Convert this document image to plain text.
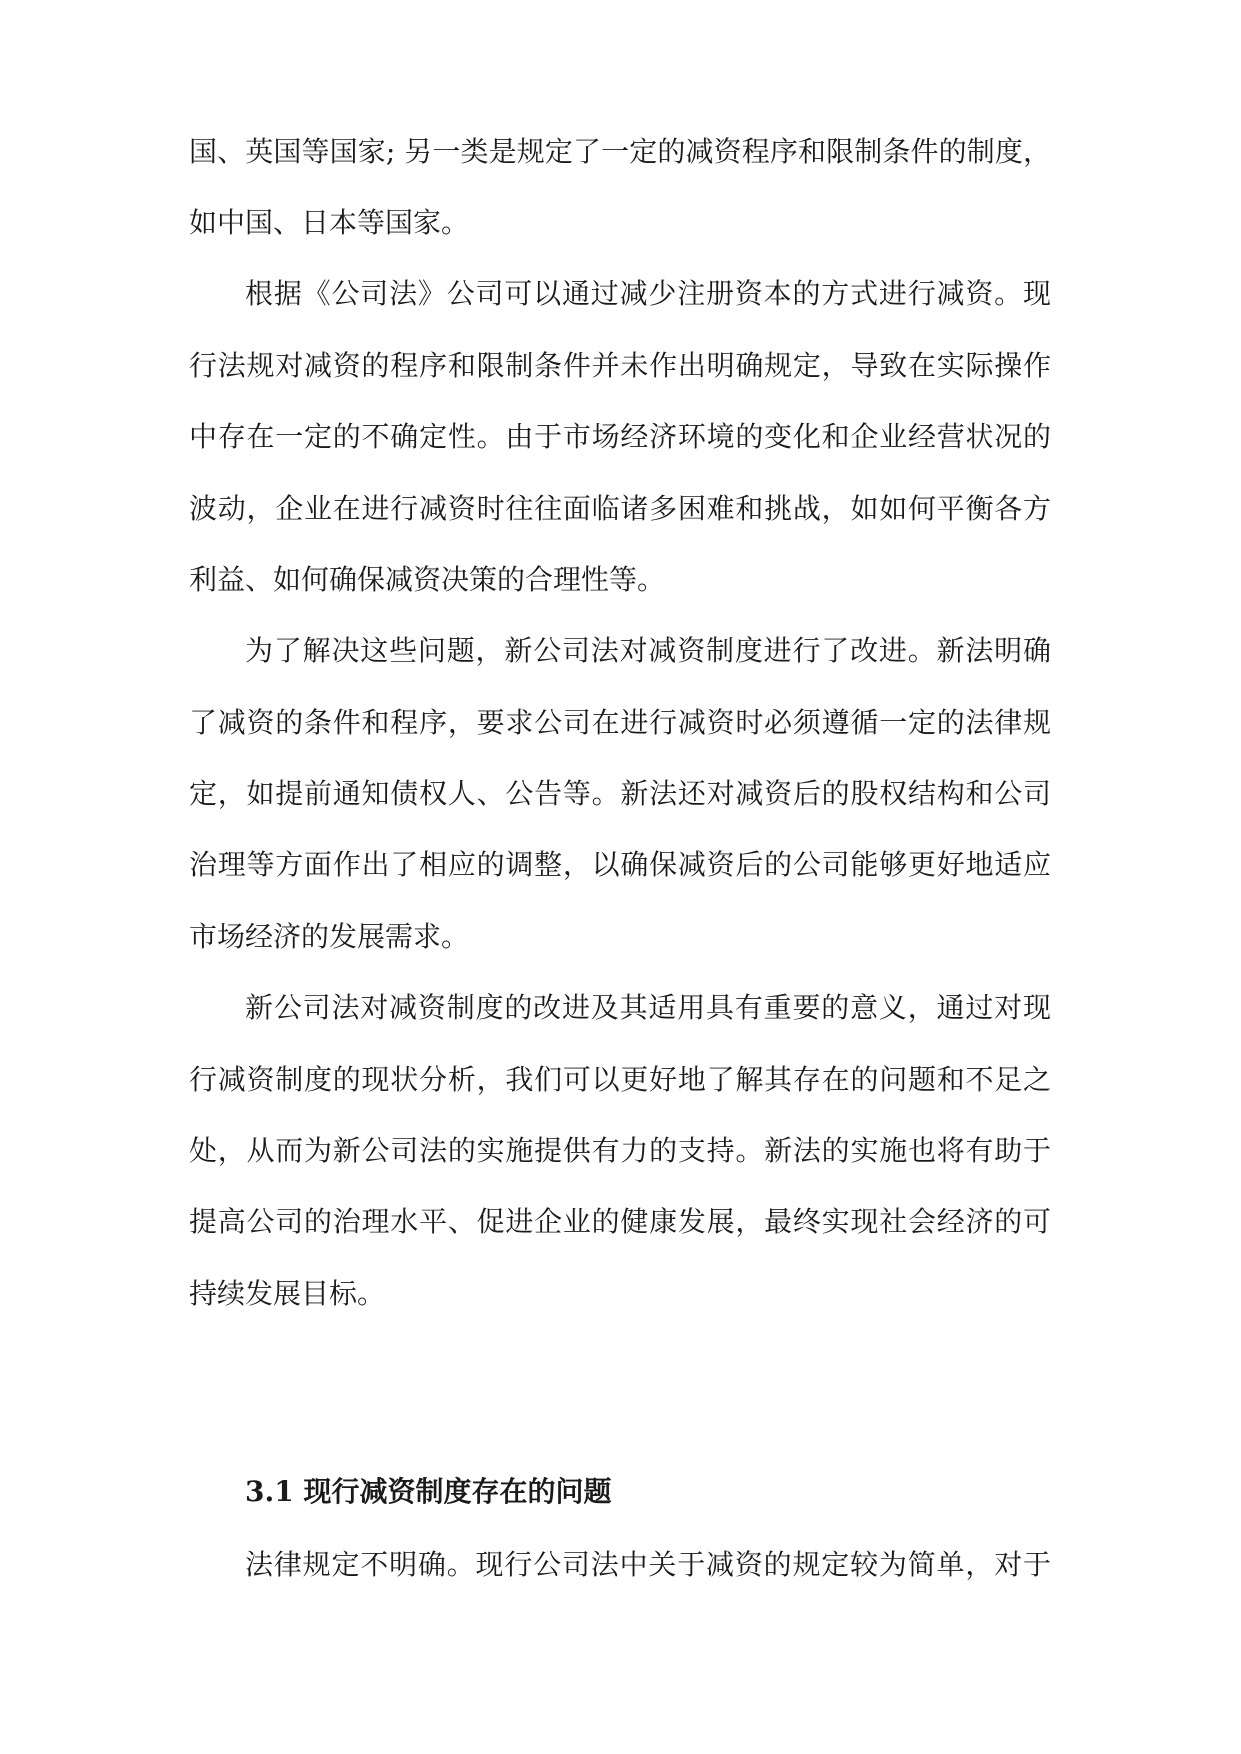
国、英国等国家; 另一类是规定了一定的减资程序和限制条件的制度，
如中国、日本等国家。
根据《公司法》公司可以通过减少注册资本的方式进行减资。现
行法规对减资的程序和限制条件并未作出明确规定，导致在实际操作
中存在一定的不确定性。由于市场经济环境的变化和企业经营状况的
波动，企业在进行减资时往往面临诸多困难和挑战，如如何平衡各方
利益、如何确保减资决策的合理性等。
为了解决这些问题，新公司法对减资制度进行了改进。新法明确
了减资的条件和程序，要求公司在进行减资时必须遵循一定的法律规
定，如提前通知债权人、公告等。新法还对减资后的股权结构和公司
治理等方面作出了相应的调整，以确保减资后的公司能够更好地适应
市场经济的发展需求。
新公司法对减资制度的改进及其适用具有重要的意义，通过对现
行减资制度的现状分析，我们可以更好地了解其存在的问题和不足之
处，从而为新公司法的实施提供有力的支持。新法的实施也将有助于
提高公司的治理水平、促进企业的健康发展，最终实现社会经济的可
持续发展目标。
3.1 现行减资制度存在的问题
法律规定不明确。现行公司法中关于减资的规定较为简单，对于
